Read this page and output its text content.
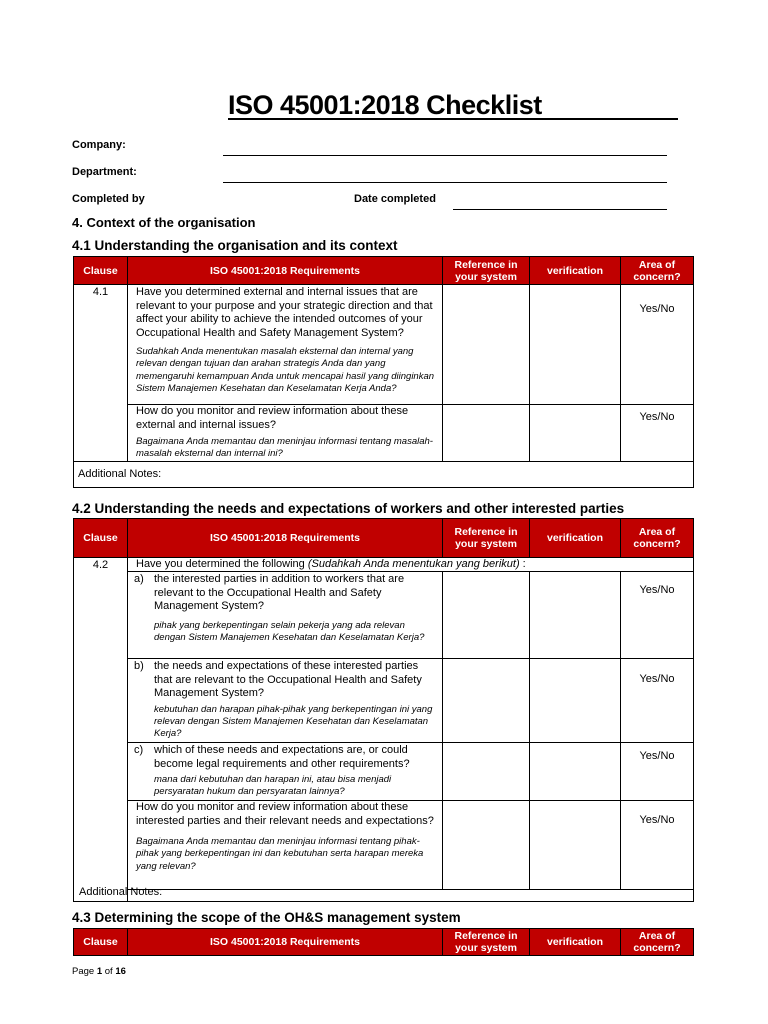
ISO 45001:2018 Checklist
Company:
Department:
Completed by	Date completed
4. Context of the organisation
4.1 Understanding the organisation and its context
Clause	ISO 45001:2018 Requirements	Reference in your system	verification	Area of concern?

4.1	Have you determined external and internal issues that are relevant to your purpose and your strategic direction and that affect your ability to achieve the intended outcomes of your Occupational Health and Safety Management System?
Sudahkah Anda menentukan masalah eksternal dan internal yang relevan dengan tujuan dan arahan strategis Anda dan yang memengaruhi kemampuan Anda untuk mencapai hasil yang diinginkan Sistem Manajemen Kesehatan dan Keselamatan Kerja Anda?			Yes/No

	How do you monitor and review information about these external and internal issues?
Bagaimana Anda memantau dan meninjau informasi tentang masalah-masalah eksternal dan internal ini?			Yes/No

Additional Notes:				
4.2 Understanding the needs and expectations of workers and other interested parties
Clause	ISO 45001:2018 Requirements	Reference in your system	verification	Area of concern?

4.2	Have you determined the following (Sudahkah Anda menentukan yang berikut) :			

	a) the interested parties in addition to workers that are relevant to the Occupational Health and Safety Management System?
pihak yang berkepentingan selain pekerja yang ada relevan dengan Sistem Manajemen Kesehatan dan Keselamatan Kerja?			Yes/No

	b) the needs and expectations of these interested parties that are relevant to the Occupational Health and Safety Management System?
kebutuhan dan harapan pihak-pihak yang berkepentingan ini yang relevan dengan Sistem Manajemen Kesehatan dan Keselamatan Kerja?			Yes/No

	c) which of these needs and expectations are, or could become legal requirements and other requirements?
mana dari kebutuhan dan harapan ini, atau bisa menjadi persyaratan hukum dan persyaratan lainnya?			Yes/No

	How do you monitor and review information about these interested parties and their relevant needs and expectations?
Bagaimana Anda memantau dan meninjau informasi tentang pihak-pihak yang berkepentingan ini dan kebutuhan serta harapan mereka yang relevan?			Yes/No

Additional Notes:
4.3 Determining the scope of the OH&S management system
Clause	ISO 45001:2018 Requirements	Reference in your system	verification	Area of concern?
Page 1 of 16
